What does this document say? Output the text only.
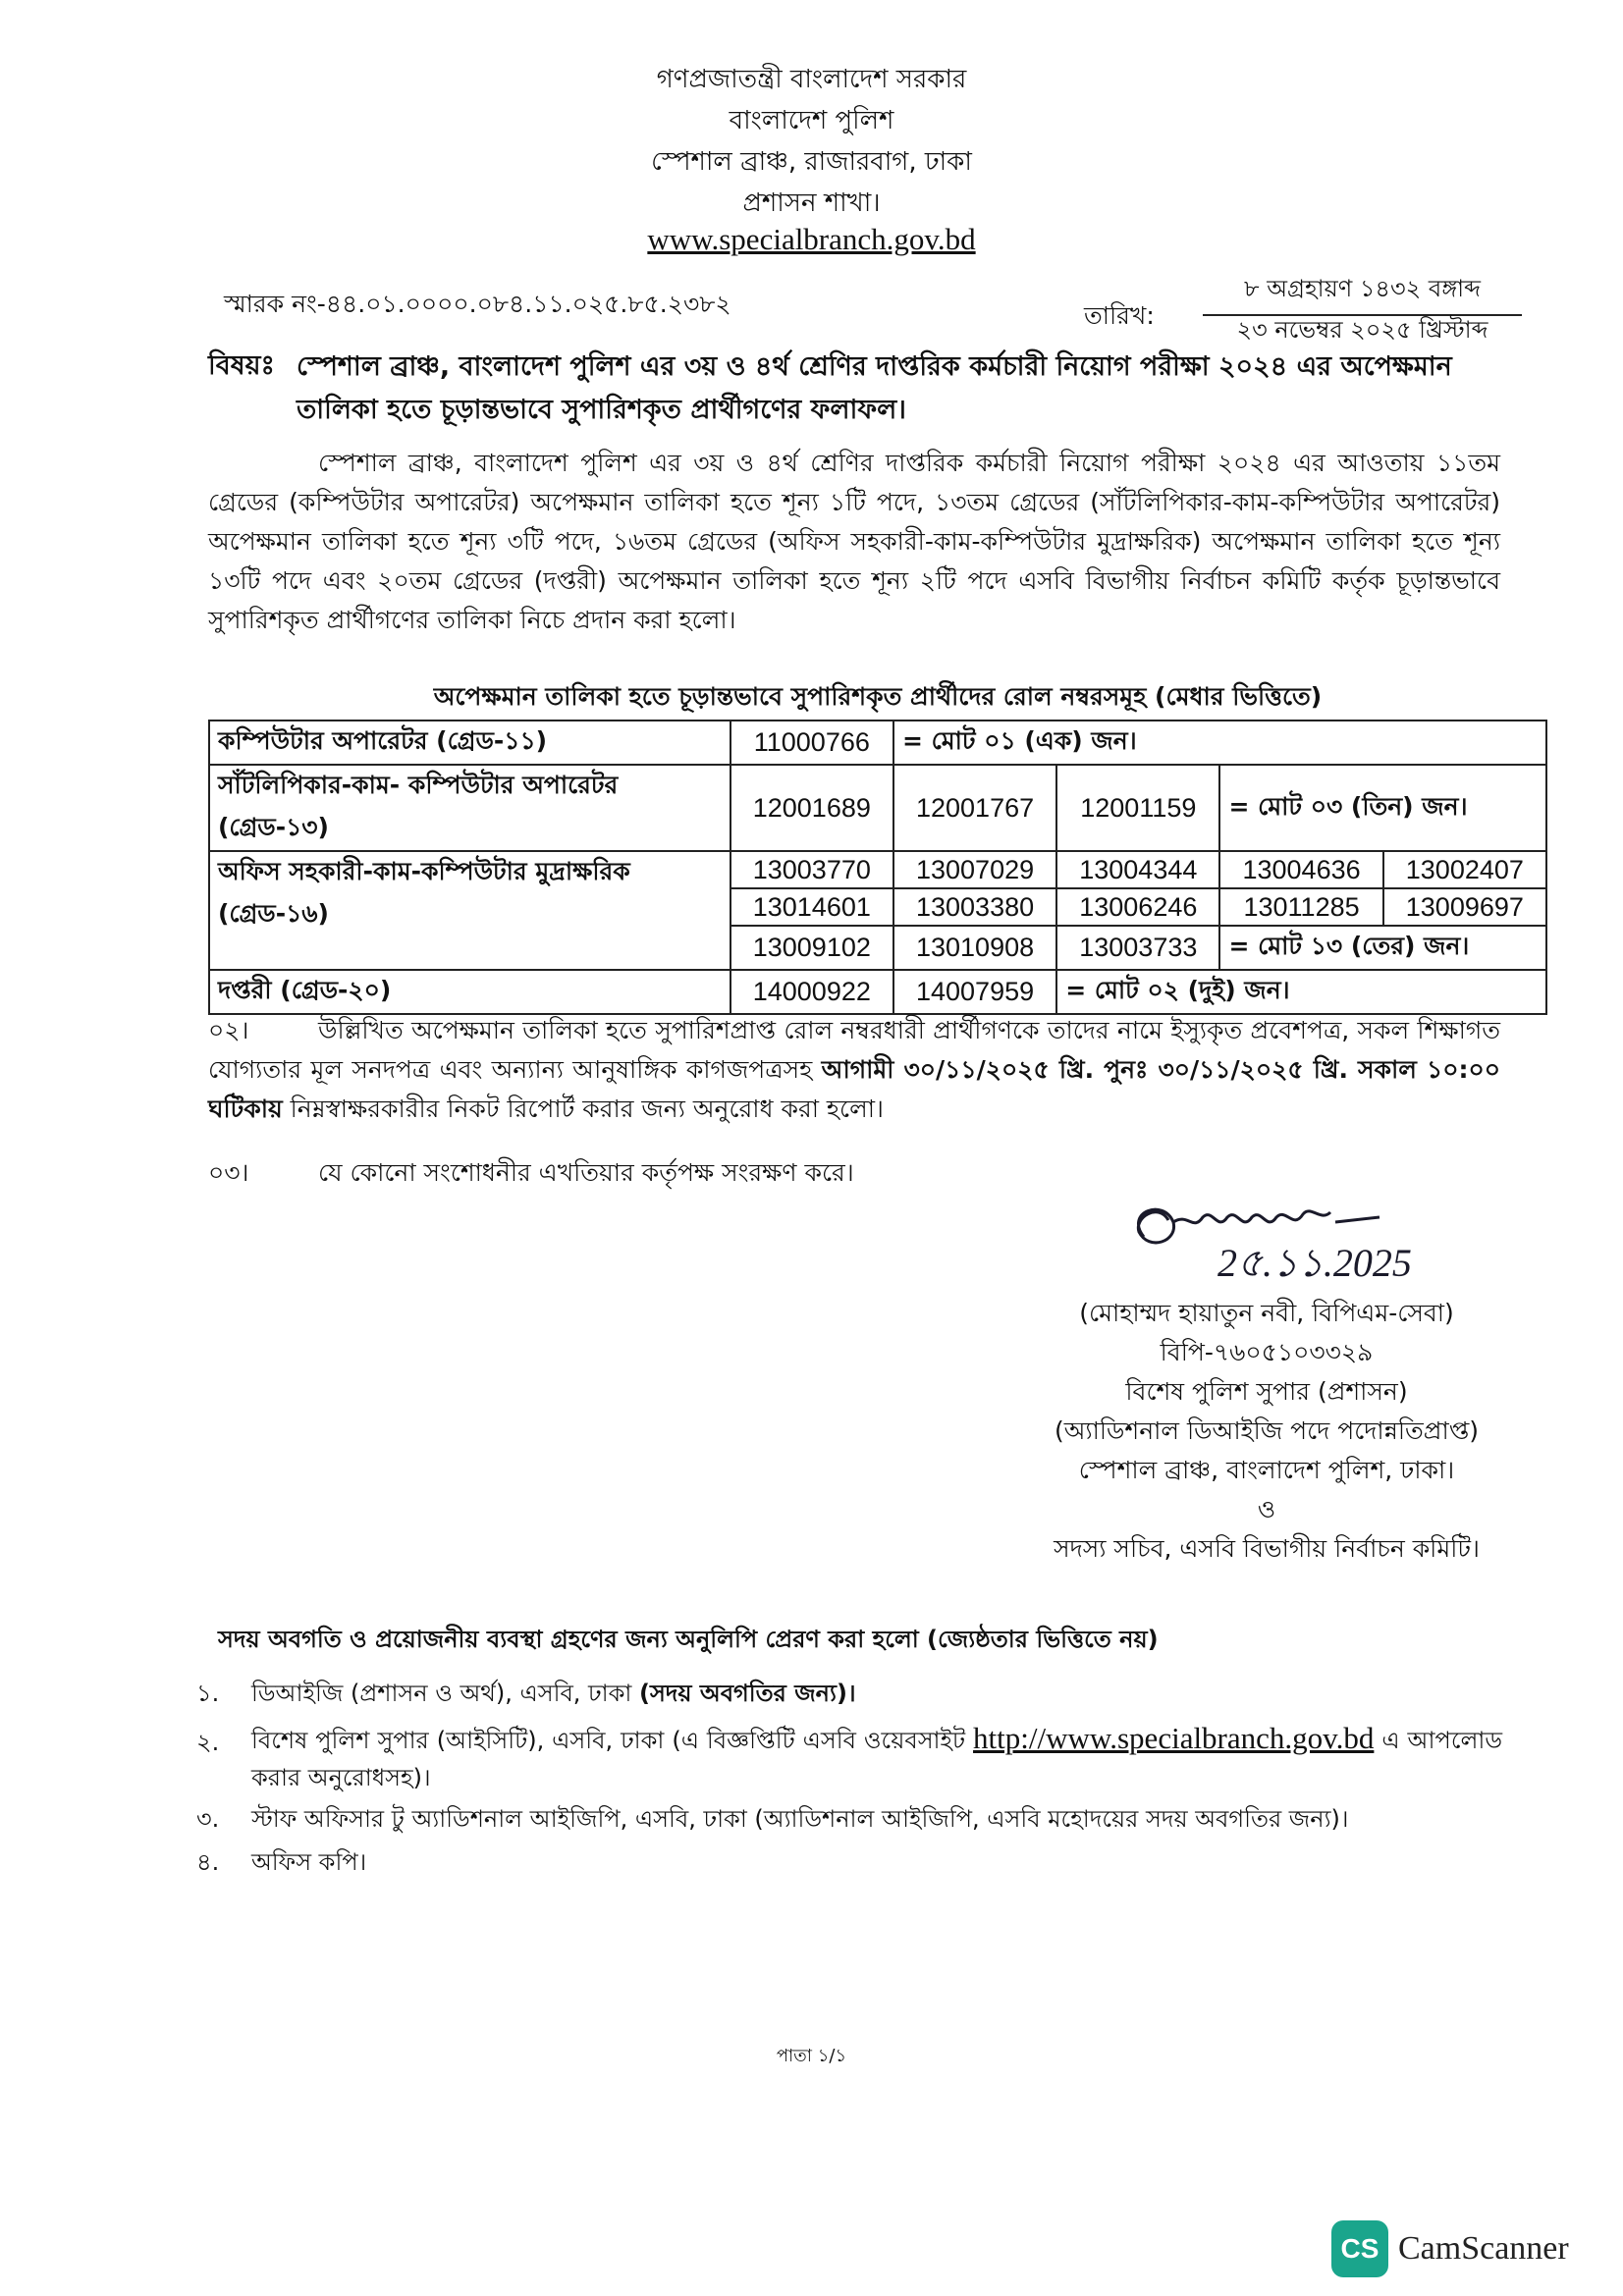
গণপ্রজাতন্ত্রী বাংলাদেশ সরকার
বাংলাদেশ পুলিশ
স্পেশাল ব্রাঞ্চ, রাজারবাগ, ঢাকা
প্রশাসন শাখা।
www.specialbranch.gov.bd
স্মারক নং-৪৪.০১.০০০০.০৮৪.১১.০২৫.৮৫.২৩৮২	তারিখ:
৮ অগ্রহায়ণ ১৪৩২ বঙ্গাব্দ
২৩ নভেম্বর ২০২৫ খ্রিস্টাব্দ
বিষয়ঃ স্পেশাল ব্রাঞ্চ, বাংলাদেশ পুলিশ এর ৩য় ও ৪র্থ শ্রেণির দাপ্তরিক কর্মচারী নিয়োগ পরীক্ষা ২০২৪ এর অপেক্ষমান তালিকা হতে চূড়ান্তভাবে সুপারিশকৃত প্রার্থীগণের ফলাফল।
স্পেশাল ব্রাঞ্চ, বাংলাদেশ পুলিশ এর ৩য় ও ৪র্থ শ্রেণির দাপ্তরিক কর্মচারী নিয়োগ পরীক্ষা ২০২৪ এর আওতায় ১১তম গ্রেডের (কম্পিউটার অপারেটর) অপেক্ষমান তালিকা হতে শূন্য ১টি পদে, ১৩তম গ্রেডের (সাঁটলিপিকার-কাম-কম্পিউটার অপারেটর) অপেক্ষমান তালিকা হতে শূন্য ৩টি পদে, ১৬তম গ্রেডের (অফিস সহকারী-কাম-কম্পিউটার মুদ্রাক্ষরিক) অপেক্ষমান তালিকা হতে শূন্য ১৩টি পদে এবং ২০তম গ্রেডের (দপ্তরী) অপেক্ষমান তালিকা হতে শূন্য ২টি পদে এসবি বিভাগীয় নির্বাচন কমিটি কর্তৃক চূড়ান্তভাবে সুপারিশকৃত প্রার্থীগণের তালিকা নিচে প্রদান করা হলো।
অপেক্ষমান তালিকা হতে চূড়ান্তভাবে সুপারিশকৃত প্রার্থীদের রোল নম্বরসমূহ (মেধার ভিত্তিতে)
কম্পিউটার অপারেটর (গ্রেড-১১)	11000766	= মোট ০১ (এক) জন।			
সাঁটলিপিকার-কাম- কম্পিউটার অপারেটর (গ্রেড-১৩)	12001689	12001767	12001159	= মোট ০৩ (তিন) জন।	
অফিস সহকারী-কাম-কম্পিউটার মুদ্রাক্ষরিক (গ্রেড-১৬)	13003770	13007029	13004344	13004636	13002407
	13014601	13003380	13006246	13011285	13009697
	13009102	13010908	13003733	= মোট ১৩ (তের) জন।	
দপ্তরী (গ্রেড-২০)	14000922	14007959	= মোট ০২ (দুই) জন।		
০২।	উল্লিখিত অপেক্ষমান তালিকা হতে সুপারিশপ্রাপ্ত রোল নম্বরধারী প্রার্থীগণকে তাদের নামে ইস্যুকৃত প্রবেশপত্র, সকল শিক্ষাগত যোগ্যতার মূল সনদপত্র এবং অন্যান্য আনুষাঙ্গিক কাগজপত্রসহ আগামী ৩০/১১/২০২৫ খ্রি. পুনঃ ৩০/১১/২০২৫ খ্রি. সকাল ১০:০০ ঘটিকায় নিম্নস্বাক্ষরকারীর নিকট রিপোর্ট করার জন্য অনুরোধ করা হলো।
০৩।	যে কোনো সংশোধনীর এখতিয়ার কর্তৃপক্ষ সংরক্ষণ করে।
2৫.১১.2025
(মোহাম্মদ হায়াতুন নবী, বিপিএম-সেবা)
বিপি-৭৬০৫১০৩৩২৯
বিশেষ পুলিশ সুপার (প্রশাসন)
(অ্যাডিশনাল ডিআইজি পদে পদোন্নতিপ্রাপ্ত)
স্পেশাল ব্রাঞ্চ, বাংলাদেশ পুলিশ, ঢাকা।
ও
সদস্য সচিব, এসবি বিভাগীয় নির্বাচন কমিটি।
সদয় অবগতি ও প্রয়োজনীয় ব্যবস্থা গ্রহণের জন্য অনুলিপি প্রেরণ করা হলো (জ্যেষ্ঠতার ভিত্তিতে নয়)
১.	ডিআইজি (প্রশাসন ও অর্থ), এসবি, ঢাকা (সদয় অবগতির জন্য)।
২.	বিশেষ পুলিশ সুপার (আইসিটি), এসবি, ঢাকা (এ বিজ্ঞপ্তিটি এসবি ওয়েবসাইট http://www.specialbranch.gov.bd এ আপলোড করার অনুরোধসহ)।
৩.	স্টাফ অফিসার টু অ্যাডিশনাল আইজিপি, এসবি, ঢাকা (অ্যাডিশনাল আইজিপি, এসবি মহোদয়ের সদয় অবগতির জন্য)।
৪.	অফিস কপি।
পাতা ১/১
CS CamScanner
